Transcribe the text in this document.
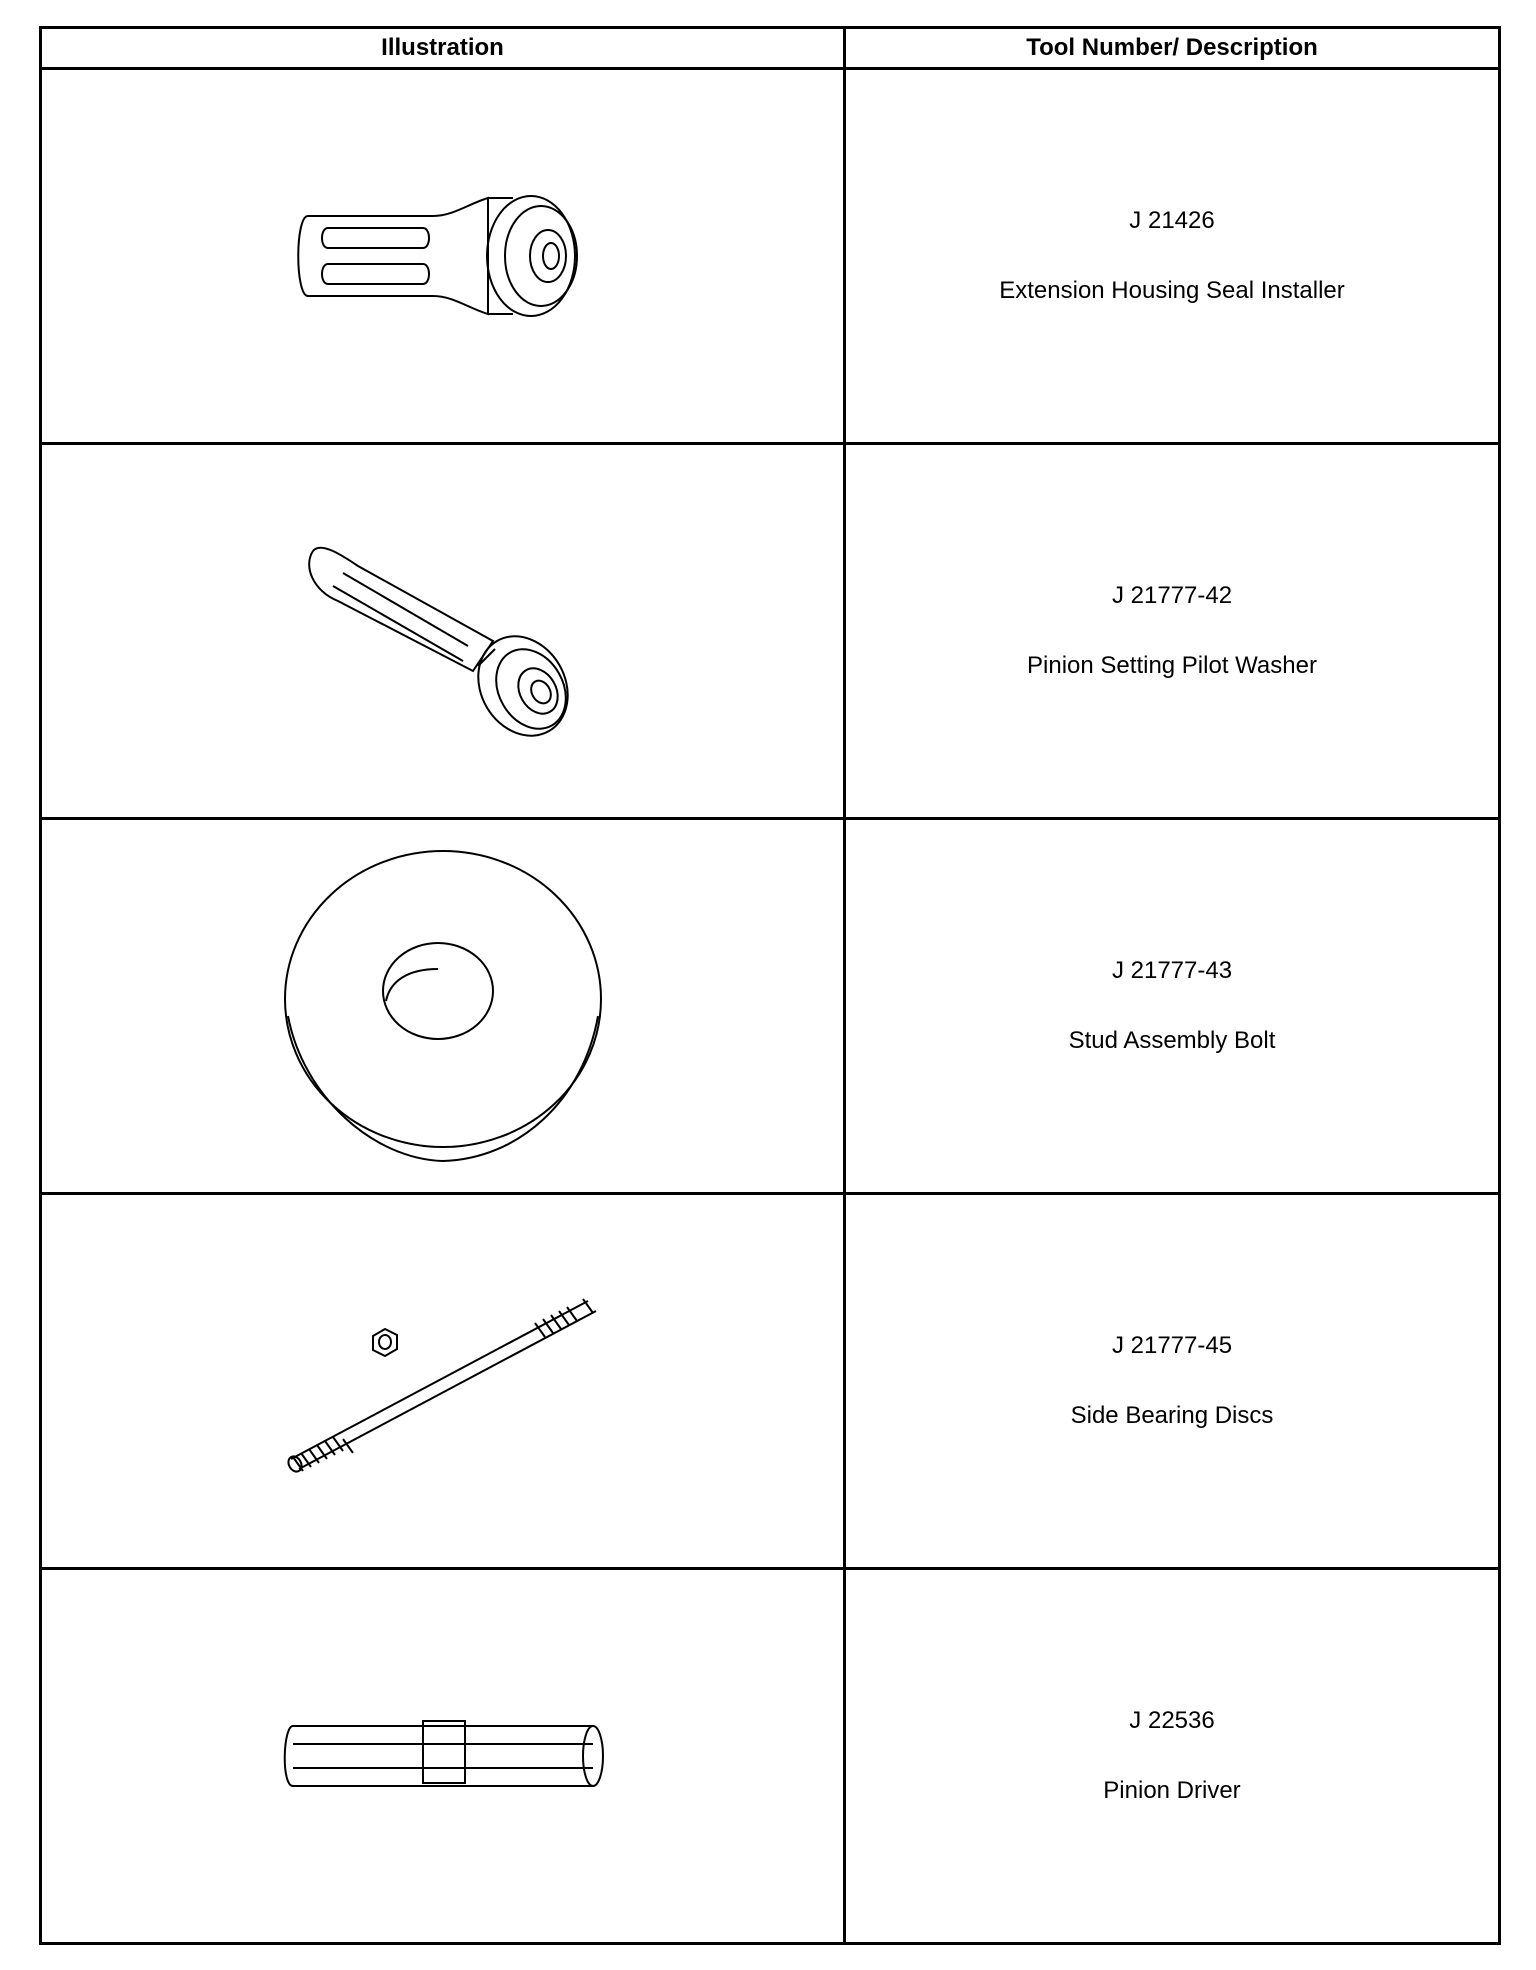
Illustration	Tool Number/ Description

J 21426
Extension Housing Seal Installer

J 21777-42
Pinion Setting Pilot Washer

J 21777-43
Stud Assembly Bolt

J 21777-45
Side Bearing Discs

J 22536
Pinion Driver
